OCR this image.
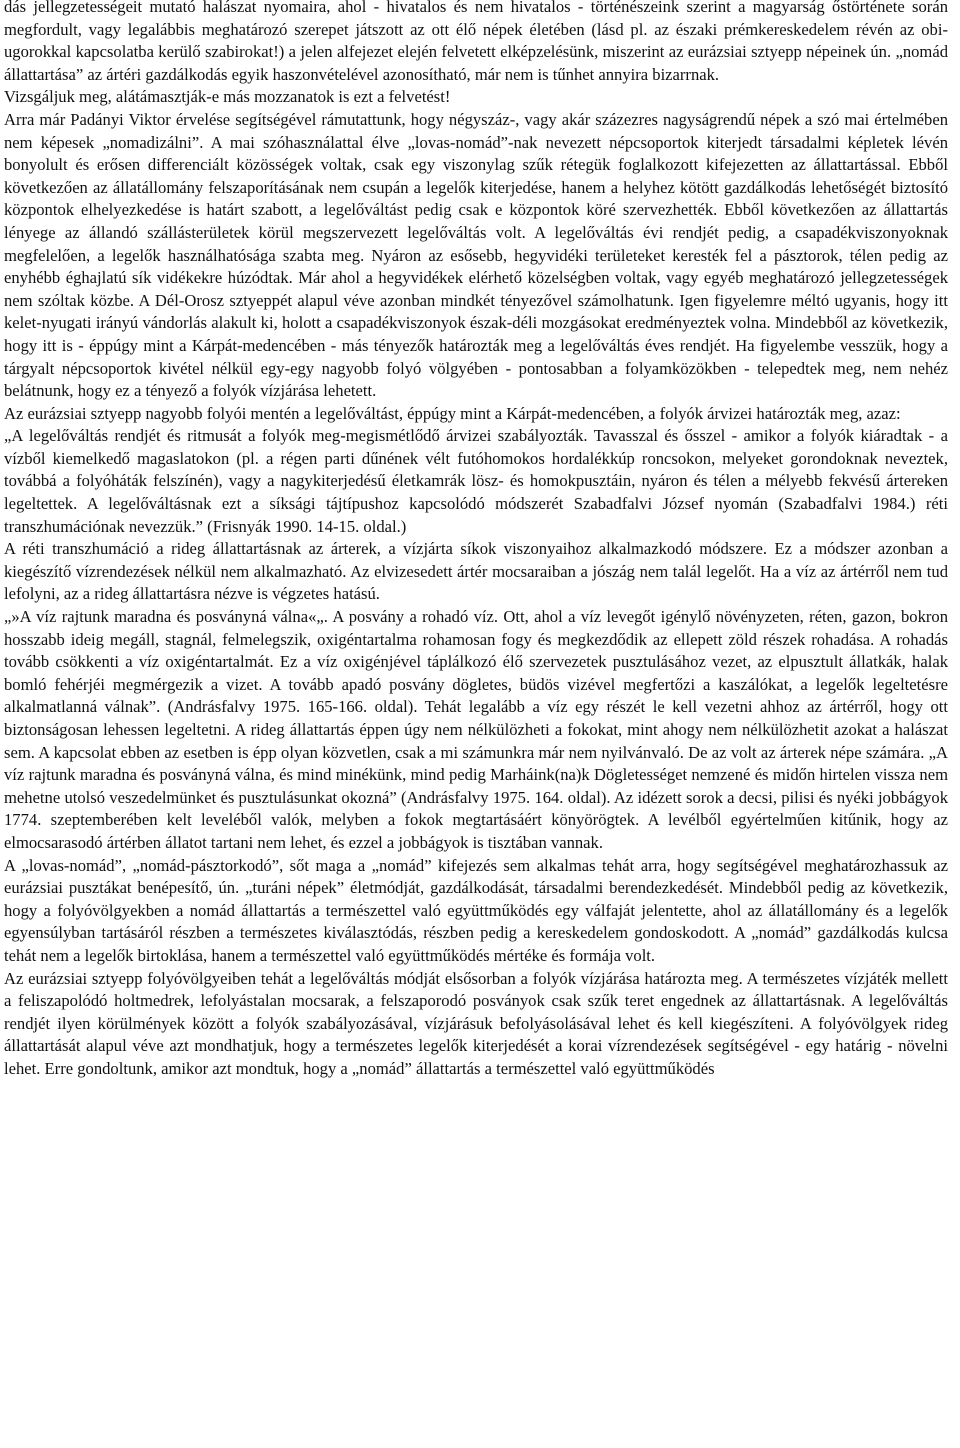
dás jellegzetességeit mutató halászat nyomaira, ahol - hivatalos és nem hivatalos - történészeink szerint a magyarság őstörténete során megfordult, vagy legalábbis meghatározó szerepet játszott az ott élő népek életében (lásd pl. az északi prémkereskedelem révén az obi-ugorokkal kapcsolatba kerülő szabirokat!) a jelen alfejezet elején felvetett elképzelésünk, miszerint az eurázsiai sztyepp népeinek ún. „nomád állattartása” az ártéri gazdálkodás egyik haszonvételével azonosítható, már nem is tűnhet annyira bizarrnak.

Vizsgáljuk meg, alátámasztják-e más mozzanatok is ezt a felvetést!

Arra már Padányi Viktor érvelése segítségével rámutattunk, hogy négyszáz-, vagy akár százezres nagyságrendű népek a szó mai értelmében nem képesek „nomadizálni”. A mai szóhasználattal élve „lovas-nomád”-nak nevezett népcsoportok kiterjedt társadalmi képletek lévén bonyolult és erősen differenciált közösségek voltak, csak egy viszonylag szűk rétegük foglalkozott kifejezetten az állattartással. Ebből következően az állatállomány felszaporításának nem csupán a legelők kiterjedése, hanem a helyhez kötött gazdálkodás lehetőségét biztosító központok elhelyezkedése is határt szabott, a legelőváltást pedig csak e központok köré szervezhették. Ebből következően az állattartás lényege az állandó szállásterületek körül megszervezett legelőváltás volt. A legelőváltás évi rendjét pedig, a csapadékviszonyoknak megfelelően, a legelők használhatósága szabta meg. Nyáron az esősebb, hegyvidéki területeket keresték fel a pásztorok, télen pedig az enyhébb éghajlatú sík vidékekre húzódtak. Már ahol a hegyvidékek elérhető közelségben voltak, vagy egyéb meghatározó jellegzetességek nem szóltak közbe. A Dél-Orosz sztyeppét alapul véve azonban mindkét tényezővel számolhatunk. Igen figyelemre méltó ugyanis, hogy itt kelet-nyugati irányú vándorlás alakult ki, holott a csapadékviszonyok észak-déli mozgásokat eredményeztek volna. Mindebből az következik, hogy itt is - éppúgy mint a Kárpát-medencében - más tényezők határozták meg a legelőváltás éves rendjét. Ha figyelembe vesszük, hogy a tárgyalt népcsoportok kivétel nélkül egy-egy nagyobb folyó völgyében - pontosabban a folyamközökben - telepedtek meg, nem nehéz belátnunk, hogy ez a tényező a folyók vízjárása lehetett.

Az eurázsiai sztyepp nagyobb folyói mentén a legelőváltást, éppúgy mint a Kárpát-medencében, a folyók árvizei határozták meg, azaz:

„A legelőváltás rendjét és ritmusát a folyók meg-megismétlődő árvizei szabályozták. Tavasszal és ősszel - amikor a folyók kiáradtak - a vízből kiemelkedő magaslatokon (pl. a régen parti dűnének vélt futóhomokos hordalékkúp roncsokon, melyeket gorondoknak neveztek, továbbá a folyóháták felszínén), vagy a nagykiterjedésű életkamrák lösz- és homokpusztáin, nyáron és télen a mélyebb fekvésű ártereken legeltettek. A legelőváltásnak ezt a síksági tájtípushoz kapcsolódó módszerét Szabadfalvi József nyomán (Szabadfalvi 1984.) réti transzhumációnak nevezzük.” (Frisnyák 1990. 14-15. oldal.)

A réti transzhumáció a rideg állattartásnak az árterek, a vízjárta síkok viszonyaihoz alkalmazkodó módszere. Ez a módszer azonban a kiegészítő vízrendezések nélkül nem alkalmazható. Az elvizesedett ártér mocsaraiban a jószág nem talál legelőt. Ha a víz az ártérről nem tud lefolyni, az a rideg állattartásra nézve is végzetes hatású.

„»A víz rajtunk maradna és posványná válna«„. A posvány a rohadó víz. Ott, ahol a víz levegőt igénylő növényzeten, réten, gazon, bokron hosszabb ideig megáll, stagnál, felmelegszik, oxigéntartalma rohamosan fogy és megkezdődik az ellepett zöld részek rohadása. A rohadás tovább csökkenti a víz oxigéntartalmát. Ez a víz oxigénjével táplálkozó élő szervezetek pusztulásához vezet, az elpusztult állatkák, halak bomló fehérjéi megmérgezik a vizet. A tovább apadó posvány dögletes, büdös vizével megfertőzi a kaszálókat, a legelők legeltetésre alkalmatlanná válnak”. (Andrásfalvy 1975. 165-166. oldal). Tehát legalább a víz egy részét le kell vezetni ahhoz az ártérről, hogy ott biztonságosan lehessen legeltetni. A rideg állattartás éppen úgy nem nélkülözheti a fokokat, mint ahogy nem nélkülözhetit azokat a halászat sem. A kapcsolat ebben az esetben is épp olyan közvetlen, csak a mi számunkra már nem nyilvánvaló. De az volt az árterek népe számára. „A víz rajtunk maradna és posványná válna, és mind minékünk, mind pedig Marháink(na)k Dögletességet nemzené és midőn hirtelen vissza nem mehetne utolsó veszedelmünket és pusztulásunkat okozná” (Andrásfalvy 1975. 164. oldal). Az idézett sorok a decsi, pilisi és nyéki jobbágyok 1774. szeptemberében kelt leveléből valók, melyben a fokok megtartásáért könyörögtek. A levélből egyértelműen kitűnik, hogy az elmocsarasodó ártérben állatot tartani nem lehet, és ezzel a jobbágyok is tisztában vannak.

A „lovas-nomád”, „nomád-pásztorkodó”, sőt maga a „nomád” kifejezés sem alkalmas tehát arra, hogy segítségével meghatározhassuk az eurázsiai pusztákat benépesítő, ún. „turáni népek” életmódját, gazdálkodását, társadalmi berendezkedését. Mindebből pedig az következik, hogy a folyóvölgyekben a nomád állattartás a természettel való együttműködés egy válfaját jelentette, ahol az állatállomány és a legelők egyensúlyban tartásáról részben a természetes kiválasztódás, részben pedig a kereskedelem gondoskodott. A „nomád” gazdálkodás kulcsa tehát nem a legelők birtoklása, hanem a természettel való együttműködés mértéke és formája volt.

Az eurázsiai sztyepp folyóvölgyeiben tehát a legelőváltás módját elsősorban a folyók vízjárása határozta meg. A természetes vízjáték mellett a feliszapolódó holtmedrek, lefolyástalan mocsarak, a felszaporodó posványok csak szűk teret engednek az állattartásnak. A legelőváltás rendjét ilyen körülmények között a folyók szabályozásával, vízjárásuk befolyásolásával lehet és kell kiegészíteni. A folyóvölgyek rideg állattartását alapul véve azt mondhatjuk, hogy a természetes legelők kiterjedését a korai vízrendezések segítségével - egy határig - növelni lehet. Erre gondoltunk, amikor azt mondtuk, hogy a „nomád” állattartás a természettel való együttműködés
